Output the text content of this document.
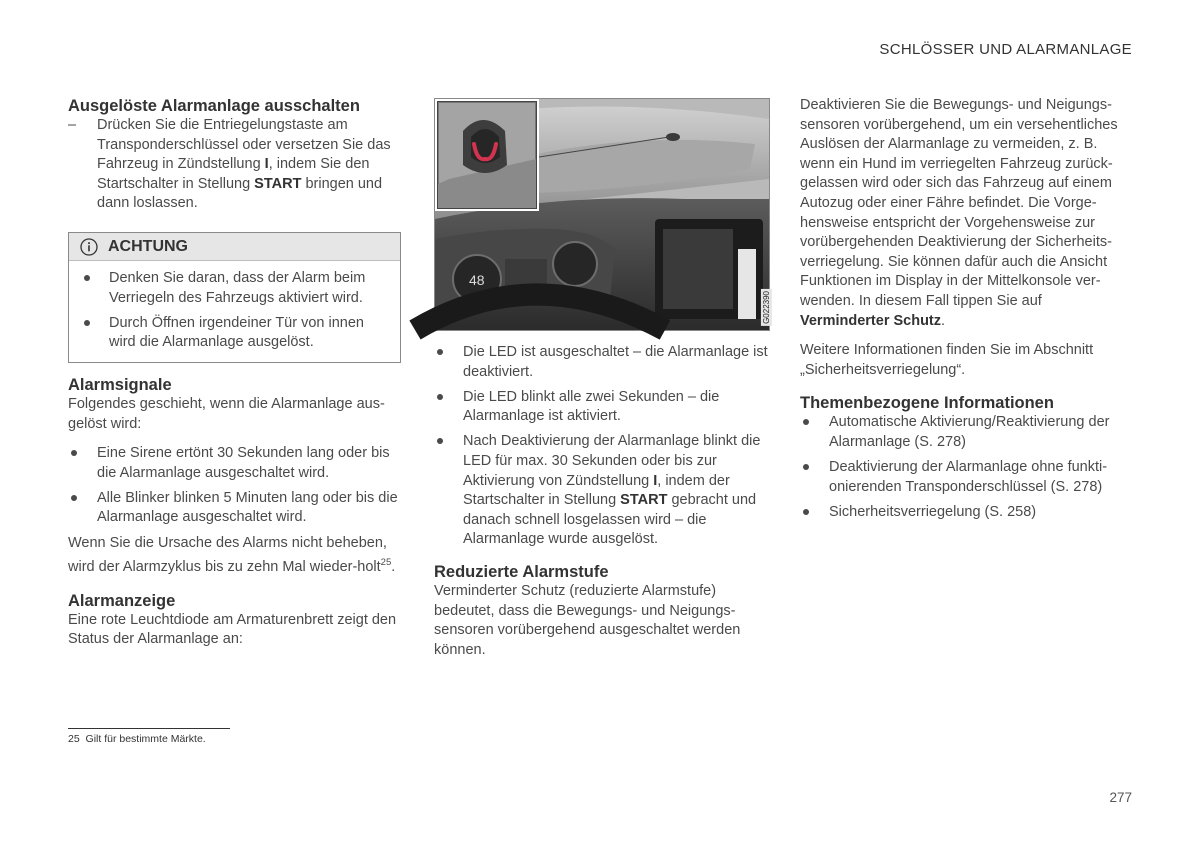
SCHLÖSSER UND ALARMANLAGE

Ausgelöste Alarmanlage ausschalten

– Drücken Sie die Entriegelungstaste am Transponderschlüssel oder versetzen Sie das Fahrzeug in Zündstellung I, indem Sie den Startschalter in Stellung START bringen und dann loslassen.
ACHTUNG
Denken Sie daran, dass der Alarm beim Verriegeln des Fahrzeugs aktiviert wird.
Durch Öffnen irgendeiner Tür von innen wird die Alarmanlage ausgelöst.

Alarmsignale

Folgendes geschieht, wenn die Alarmanlage aus-gelöst wird:

Eine Sirene ertönt 30 Sekunden lang oder bis die Alarmanlage ausgeschaltet wird.
Alle Blinker blinken 5 Minuten lang oder bis die Alarmanlage ausgeschaltet wird.

Wenn Sie die Ursache des Alarms nicht beheben, wird der Alarmzyklus bis zu zehn Mal wieder-holt$^{25}$.

Alarmanzeige

Eine rote Leuchtdiode am Armaturenbrett zeigt den Status der Alarmanlage an:

48
G022390
Die LED ist ausgeschaltet – die Alarmanlage ist deaktiviert.
Die LED blinkt alle zwei Sekunden – die Alarmanlage ist aktiviert.
Nach Deaktivierung der Alarmanlage blinkt die LED für max. 30 Sekunden oder bis zur Aktivierung von Zündstellung I, indem der Startschalter in Stellung START gebracht und danach schnell losgelassen wird – die Alarmanlage wurde ausgelöst.

Reduzierte Alarmstufe

Verminderter Schutz (reduzierte Alarmstufe) bedeutet, dass die Bewegungs- und Neigungs-sensoren vorübergehend ausgeschaltet werden können.

Deaktivieren Sie die Bewegungs- und Neigungs-sensoren vorübergehend, um ein versehentliches Auslösen der Alarmanlage zu vermeiden, z. B. wenn ein Hund im verriegelten Fahrzeug zurück-gelassen wird oder sich das Fahrzeug auf einem Autozug oder einer Fähre befindet. Die Vorge-hensweise entspricht der Vorgehensweise zur vorübergehenden Deaktivierung der Sicherheits-verriegelung. Sie können dafür auch die Ansicht Funktionen im Display in der Mittelkonsole ver-wenden. In diesem Fall tippen Sie auf Verminderter Schutz.

Weitere Informationen finden Sie im Abschnitt „Sicherheitsverriegelung“.

Themenbezogene Informationen

Automatische Aktivierung/Reaktivierung der Alarmanlage (S. 278)
Deaktivierung der Alarmanlage ohne funkti-onierenden Transponderschlüssel (S. 278)
Sicherheitsverriegelung (S. 258)
25 Gilt für bestimmte Märkte.
277
